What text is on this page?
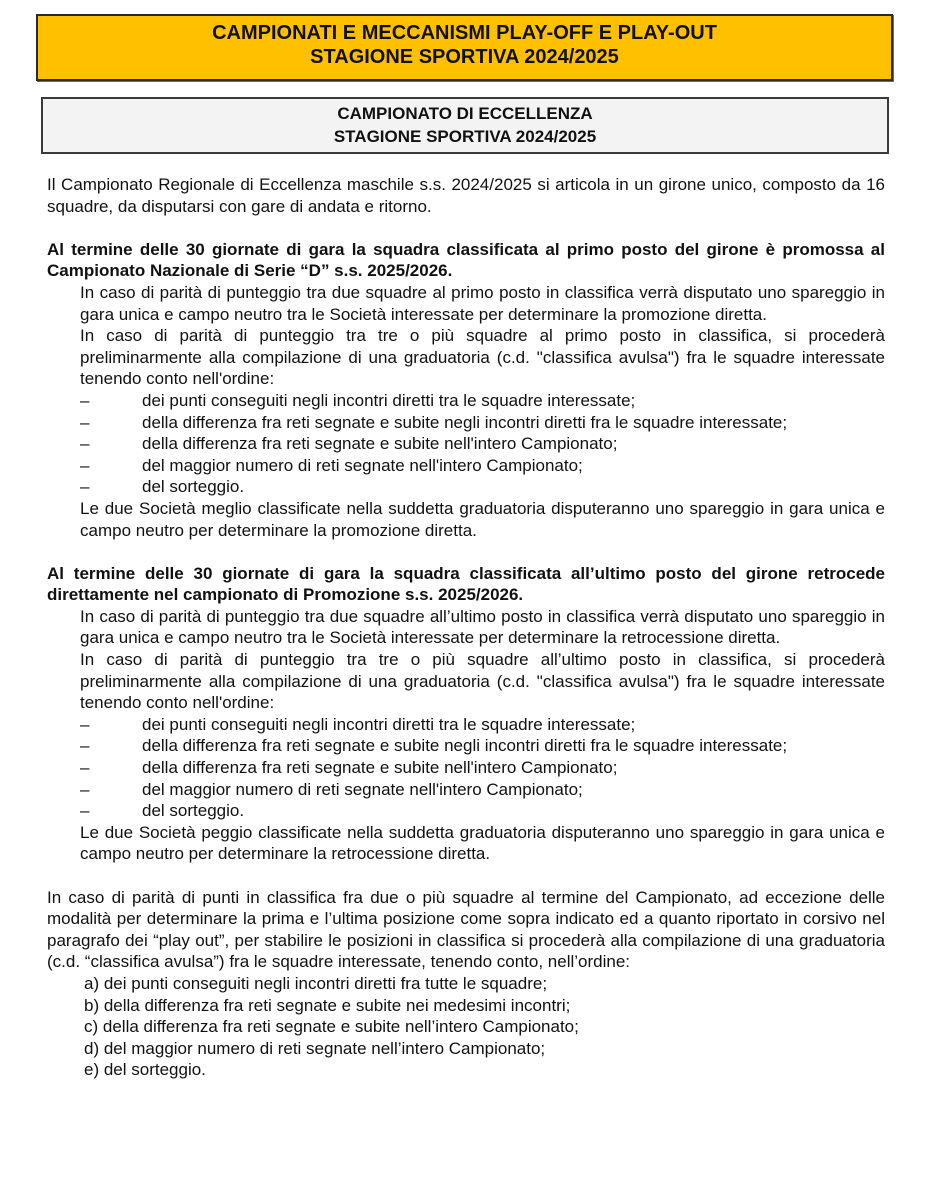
CAMPIONATI E MECCANISMI PLAY-OFF E PLAY-OUT
STAGIONE SPORTIVA 2024/2025
CAMPIONATO DI ECCELLENZA
STAGIONE SPORTIVA 2024/2025

Il Campionato Regionale di Eccellenza maschile s.s. 2024/2025 si articola in un girone unico, composto da 16 squadre, da disputarsi con gare di andata e ritorno.

Al termine delle 30 giornate di gara la squadra classificata al primo posto del girone è promossa al Campionato Nazionale di Serie “D” s.s. 2025/2026.

In caso di parità di punteggio tra due squadre al primo posto in classifica verrà disputato uno spareggio in gara unica e campo neutro tra le Società interessate per determinare la promozione diretta.

In caso di parità di punteggio tra tre o più squadre al primo posto in classifica, si procederà preliminarmente alla compilazione di una graduatoria (c.d. "classifica avulsa") fra le squadre interessate tenendo conto nell'ordine:

–	dei punti conseguiti negli incontri diretti tra le squadre interessate;
–	della differenza fra reti segnate e subite negli incontri diretti fra le squadre interessate;
–	della differenza fra reti segnate e subite nell'intero Campionato;
–	del maggior numero di reti segnate nell'intero Campionato;
–	del sorteggio.

Le due Società meglio classificate nella suddetta graduatoria disputeranno uno spareggio in gara unica e campo neutro per determinare la promozione diretta.

Al termine delle 30 giornate di gara la squadra classificata all’ultimo posto del girone retrocede direttamente nel campionato di Promozione s.s. 2025/2026.

In caso di parità di punteggio tra due squadre all’ultimo posto in classifica verrà disputato uno spareggio in gara unica e campo neutro tra le Società interessate per determinare la retrocessione diretta.

In caso di parità di punteggio tra tre o più squadre all’ultimo posto in classifica, si procederà preliminarmente alla compilazione di una graduatoria (c.d. "classifica avulsa") fra le squadre interessate tenendo conto nell'ordine:

–	dei punti conseguiti negli incontri diretti tra le squadre interessate;
–	della differenza fra reti segnate e subite negli incontri diretti fra le squadre interessate;
–	della differenza fra reti segnate e subite nell'intero Campionato;
–	del maggior numero di reti segnate nell'intero Campionato;
–	del sorteggio.

Le due Società peggio classificate nella suddetta graduatoria disputeranno uno spareggio in gara unica e campo neutro per determinare la retrocessione diretta.

In caso di parità di punti in classifica fra due o più squadre al termine del Campionato, ad eccezione delle modalità per determinare la prima e l’ultima posizione come sopra indicato ed a quanto riportato in corsivo nel paragrafo dei “play out”, per stabilire le posizioni in classifica si procederà alla compilazione di una graduatoria (c.d. “classifica avulsa”) fra le squadre interessate, tenendo conto, nell’ordine:

a) dei punti conseguiti negli incontri diretti fra tutte le squadre;
b) della differenza fra reti segnate e subite nei medesimi incontri;
c) della differenza fra reti segnate e subite nell’intero Campionato;
d) del maggior numero di reti segnate nell’intero Campionato;
e) del sorteggio.
